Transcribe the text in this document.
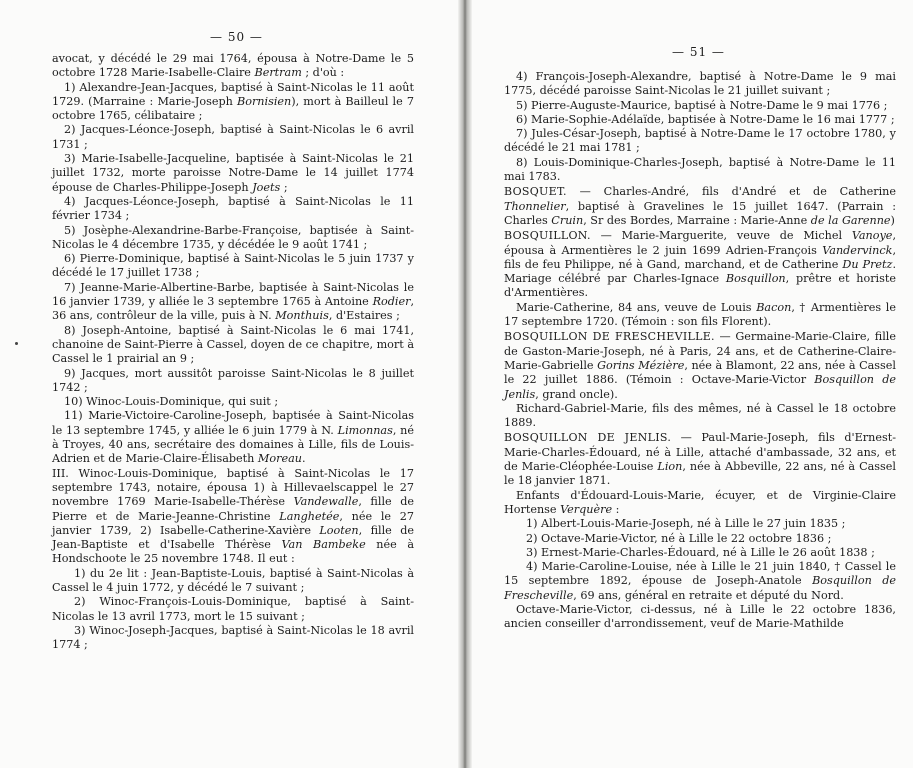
— 50 —

avocat, y décédé le 29 mai 1764, épousa à Notre-Dame le 5 octobre 1728 Marie-Isabelle-Claire Bertram ; d'où :

1) Alexandre-Jean-Jacques, baptisé à Saint-Nicolas le 11 août 1729. (Marraine : Marie-Joseph Bornisien), mort à Bailleul le 7 octobre 1765, célibataire ;

2) Jacques-Léonce-Joseph, baptisé à Saint-Nicolas le 6 avril 1731 ;

3) Marie-Isabelle-Jacqueline, baptisée à Saint-Nicolas le 21 juillet 1732, morte paroisse Notre-Dame le 14 juillet 1774 épouse de Charles-Philippe-Joseph Joets ;

4) Jacques-Léonce-Joseph, baptisé à Saint-Nicolas le 11 février 1734 ;

5) Josèphe-Alexandrine-Barbe-Françoise, baptisée à Saint-Nicolas le 4 décembre 1735, y décédée le 9 août 1741 ;

6) Pierre-Dominique, baptisé à Saint-Nicolas le 5 juin 1737 y décédé le 17 juillet 1738 ;

7) Jeanne-Marie-Albertine-Barbe, baptisée à Saint-Nicolas le 16 janvier 1739, y alliée le 3 septembre 1765 à Antoine Rodier, 36 ans, contrôleur de la ville, puis à N. Monthuis, d'Estaires ;

8) Joseph-Antoine, baptisé à Saint-Nicolas le 6 mai 1741, chanoine de Saint-Pierre à Cassel, doyen de ce chapitre, mort à Cassel le 1 prairial an 9 ;

9) Jacques, mort aussitôt paroisse Saint-Nicolas le 8 juillet 1742 ;

10) Winoc-Louis-Dominique, qui suit ;

11) Marie-Victoire-Caroline-Joseph, baptisée à Saint-Nicolas le 13 septembre 1745, y alliée le 6 juin 1779 à N. Limonnas, né à Troyes, 40 ans, secrétaire des domaines à Lille, fils de Louis-Adrien et de Marie-Claire-Élisabeth Moreau.

III. Winoc-Louis-Dominique, baptisé à Saint-Nicolas le 17 septembre 1743, notaire, épousa 1) à Hillevaelscappel le 27 novembre 1769 Marie-Isabelle-Thérèse Vandewalle, fille de Pierre et de Marie-Jeanne-Christine Langhetée, née le 27 janvier 1739, 2) Isabelle-Catherine-Xavière Looten, fille de Jean-Baptiste et d'Isabelle Thérèse Van Bambeke née à Hondschoote le 25 novembre 1748. Il eut :

1) du 2e lit : Jean-Baptiste-Louis, baptisé à Saint-Nicolas à Cassel le 4 juin 1772, y décédé le 7 suivant ;

2) Winoc-François-Louis-Dominique, baptisé à Saint-Nicolas le 13 avril 1773, mort le 15 suivant ;

3) Winoc-Joseph-Jacques, baptisé à Saint-Nicolas le 18 avril 1774 ;

— 51 —

4) François-Joseph-Alexandre, baptisé à Notre-Dame le 9 mai 1775, décédé paroisse Saint-Nicolas le 21 juillet suivant ;

5) Pierre-Auguste-Maurice, baptisé à Notre-Dame le 9 mai 1776 ;

6) Marie-Sophie-Adélaïde, baptisée à Notre-Dame le 16 mai 1777 ;

7) Jules-César-Joseph, baptisé à Notre-Dame le 17 octobre 1780, y décédé le 21 mai 1781 ;

8) Louis-Dominique-Charles-Joseph, baptisé à Notre-Dame le 11 mai 1783.

BOSQUET. — Charles-André, fils d'André et de Catherine Thonnelier, baptisé à Gravelines le 15 juillet 1647. (Parrain : Charles Cruin, Sr des Bordes, Marraine : Marie-Anne de la Garenne)

BOSQUILLON. — Marie-Marguerite, veuve de Michel Vanoye, épousa à Armentières le 2 juin 1699 Adrien-François Vandervinck, fils de feu Philippe, né à Gand, marchand, et de Catherine Du Pretz. Mariage célébré par Charles-Ignace Bosquillon, prêtre et horiste d'Armentières.

Marie-Catherine, 84 ans, veuve de Louis Bacon, † Armentières le 17 septembre 1720. (Témoin : son fils Florent).

BOSQUILLON DE FRESCHEVILLE. — Germaine-Marie-Claire, fille de Gaston-Marie-Joseph, né à Paris, 24 ans, et de Catherine-Claire-Marie-Gabrielle Gorins Mézière, née à Blamont, 22 ans, née à Cassel le 22 juillet 1886. (Témoin : Octave-Marie-Victor Bosquillon de Jenlis, grand oncle).

Richard-Gabriel-Marie, fils des mêmes, né à Cassel le 18 octobre 1889.

BOSQUILLON DE JENLIS. — Paul-Marie-Joseph, fils d'Ernest-Marie-Charles-Édouard, né à Lille, attaché d'ambassade, 32 ans, et de Marie-Cléophée-Louise Lion, née à Abbeville, 22 ans, né à Cassel le 18 janvier 1871.

Enfants d'Édouard-Louis-Marie, écuyer, et de Virginie-Claire Hortense Verquère :

1) Albert-Louis-Marie-Joseph, né à Lille le 27 juin 1835 ;

2) Octave-Marie-Victor, né à Lille le 22 octobre 1836 ;

3) Ernest-Marie-Charles-Édouard, né à Lille le 26 août 1838 ;

4) Marie-Caroline-Louise, née à Lille le 21 juin 1840, † Cassel le 15 septembre 1892, épouse de Joseph-Anatole Bosquillon de Frescheville, 69 ans, général en retraite et député du Nord.

Octave-Marie-Victor, ci-dessus, né à Lille le 22 octobre 1836, ancien conseiller d'arrondissement, veuf de Marie-Mathilde
